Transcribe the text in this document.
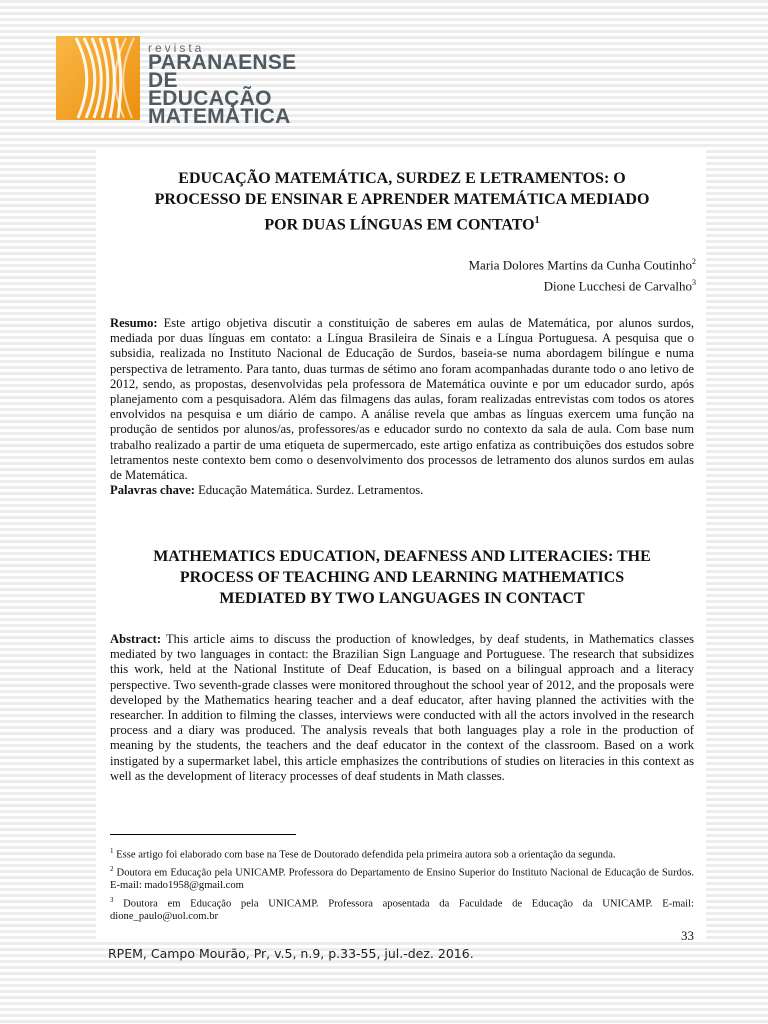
revista
PARANAENSE
DE EDUCAÇÃO
MATEMÁTICA
EDUCAÇÃO MATEMÁTICA, SURDEZ E LETRAMENTOS: O
PROCESSO DE ENSINAR E APRENDER MATEMÁTICA MEDIADO
POR DUAS LÍNGUAS EM CONTATO$^1$
Maria Dolores Martins da Cunha Coutinho$^2$
Dione Lucchesi de Carvalho$^3$
Resumo: Este artigo objetiva discutir a constituição de saberes em aulas de Matemática, por alunos surdos, mediada por duas línguas em contato: a Língua Brasileira de Sinais e a Língua Portuguesa. A pesquisa que o subsidia, realizada no Instituto Nacional de Educação de Surdos, baseia-se numa abordagem bilíngue e numa perspectiva de letramento. Para tanto, duas turmas de sétimo ano foram acompanhadas durante todo o ano letivo de 2012, sendo, as propostas, desenvolvidas pela professora de Matemática ouvinte e por um educador surdo, após planejamento com a pesquisadora. Além das filmagens das aulas, foram realizadas entrevistas com todos os atores envolvidos na pesquisa e um diário de campo. A análise revela que ambas as línguas exercem uma função na produção de sentidos por alunos/as, professores/as e educador surdo no contexto da sala de aula. Com base num trabalho realizado a partir de uma etiqueta de supermercado, este artigo enfatiza as contribuições dos estudos sobre letramentos neste contexto bem como o desenvolvimento dos processos de letramento dos alunos surdos em aulas de Matemática.
Palavras chave: Educação Matemática. Surdez. Letramentos.
MATHEMATICS EDUCATION, DEAFNESS AND LITERACIES: THE
PROCESS OF TEACHING AND LEARNING MATHEMATICS
MEDIATED BY TWO LANGUAGES IN CONTACT
Abstract: This article aims to discuss the production of knowledges, by deaf students, in Mathematics classes mediated by two languages in contact: the Brazilian Sign Language and Portuguese. The research that subsidizes this work, held at the National Institute of Deaf Education, is based on a bilingual approach and a literacy perspective. Two seventh-grade classes were monitored throughout the school year of 2012, and the proposals were developed by the Mathematics hearing teacher and a deaf educator, after having planned the activities with the researcher. In addition to filming the classes, interviews were conducted with all the actors involved in the research process and a diary was produced. The analysis reveals that both languages play a role in the production of meaning by the students, the teachers and the deaf educator in the context of the classroom. Based on a work instigated by a supermarket label, this article emphasizes the contributions of studies on literacies in this context as well as the development of literacy processes of deaf students in Math classes.

$^1$ Esse artigo foi elaborado com base na Tese de Doutorado defendida pela primeira autora sob a orientação da segunda.

$^2$ Doutora em Educação pela UNICAMP. Professora do Departamento de Ensino Superior do Instituto Nacional de Educação de Surdos. E-mail: mado1958@gmail.com

$^3$ Doutora em Educação pela UNICAMP. Professora aposentada da Faculdade de Educação da UNICAMP. E-mail: dione_paulo@uol.com.br

33
RPEM, Campo Mourão, Pr, v.5, n.9, p.33-55, jul.-dez. 2016.
